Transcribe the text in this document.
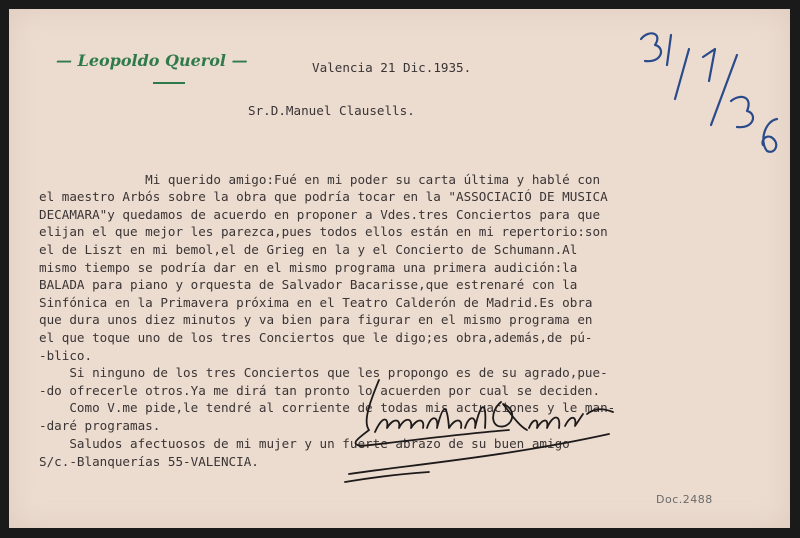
— Leopoldo Querol —	Valencia 21 Dic.1935.
Sr.D.Manuel Clausells.

Mi querido amigo:Fué en mi poder su carta última y hablé con
el maestro Arbós sobre la obra que podría tocar en la "ASSOCIACIÓ DE MUSICA
DECAMARA"y quedamos de acuerdo en proponer a Vdes.tres Conciertos para que
elijan el que mejor les parezca,pues todos ellos están en mi repertorio:son
el de Liszt en mi bemol,el de Grieg en la y el Concierto de Schumann.Al
mismo tiempo se podría dar en el mismo programa una primera audición:la
BALADA para piano y orquesta de Salvador Bacarisse,que estrenaré con la
Sinfónica en la Primavera próxima en el Teatro Calderón de Madrid.Es obra
que dura unos diez minutos y va bien para figurar en el mismo programa en
el que toque uno de los tres Conciertos que le digo;es obra,además,de pú-
-blico.
Si ninguno de los tres Conciertos que les propongo es de su agrado,pue-
-do ofrecerle otros.Ya me dirá tan pronto lo acuerden por cual se deciden.
Como V.me pide,le tendré al corriente de todas mis actuaciones y le man-
-daré programas.
Saludos afectuosos de mi mujer y un fuerte abrazo de su buen amigo

S/c.-Blanquerías 55-VALENCIA.
Doc.2488
